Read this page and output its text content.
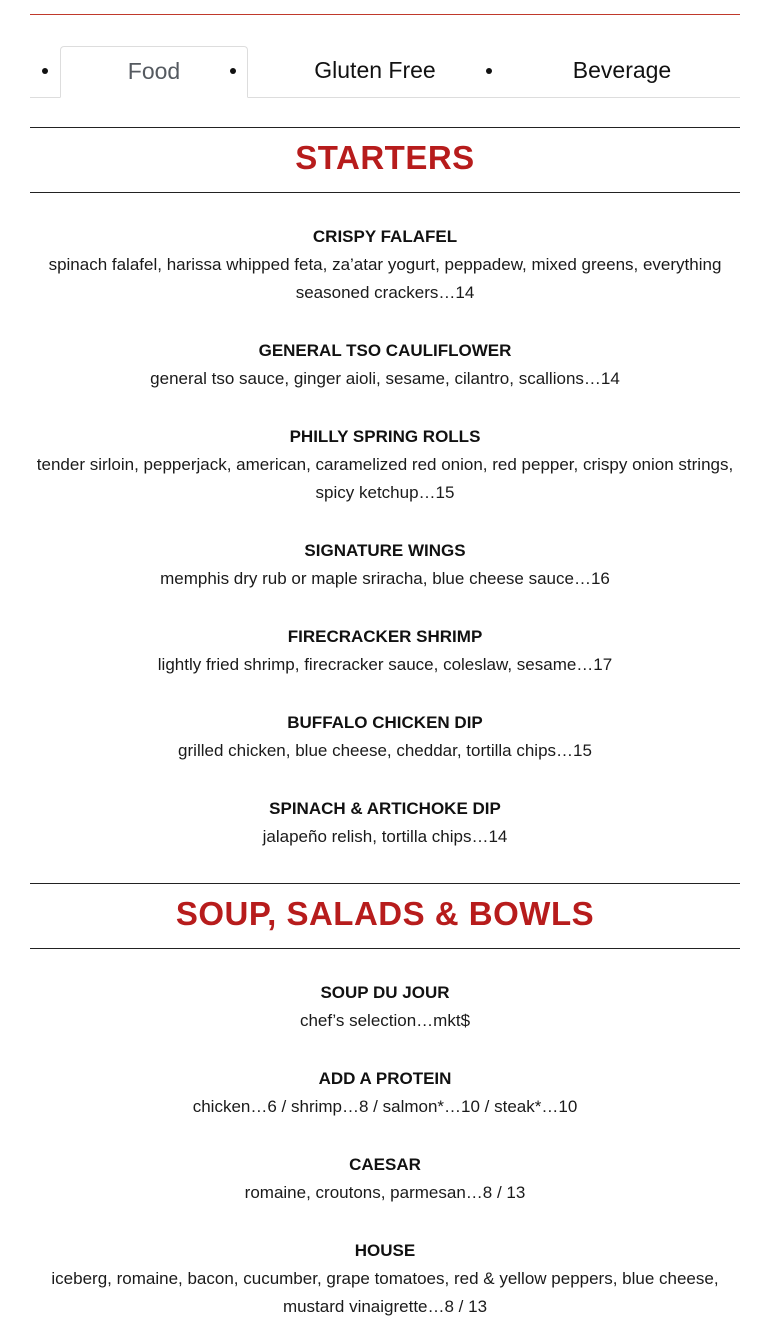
Food	Gluten Free	Beverage
STARTERS
CRISPY FALAFEL
spinach falafel, harissa whipped feta, za’atar yogurt, peppadew, mixed greens, everything seasoned crackers…14
GENERAL TSO CAULIFLOWER
general tso sauce, ginger aioli, sesame, cilantro, scallions…14
PHILLY SPRING ROLLS
tender sirloin, pepperjack, american, caramelized red onion, red pepper, crispy onion strings, spicy ketchup…15
SIGNATURE WINGS
memphis dry rub or maple sriracha, blue cheese sauce…16
FIRECRACKER SHRIMP
lightly fried shrimp, firecracker sauce, coleslaw, sesame…17
BUFFALO CHICKEN DIP
grilled chicken, blue cheese, cheddar, tortilla chips…15
SPINACH & ARTICHOKE DIP
jalapeño relish, tortilla chips…14
SOUP, SALADS & BOWLS
SOUP DU JOUR
chef’s selection…mkt$
ADD A PROTEIN
chicken…6 / shrimp…8 / salmon*…10 / steak*…10
CAESAR
romaine, croutons, parmesan…8 / 13
HOUSE
iceberg, romaine, bacon, cucumber, grape tomatoes, red & yellow peppers, blue cheese, mustard vinaigrette…8 / 13
